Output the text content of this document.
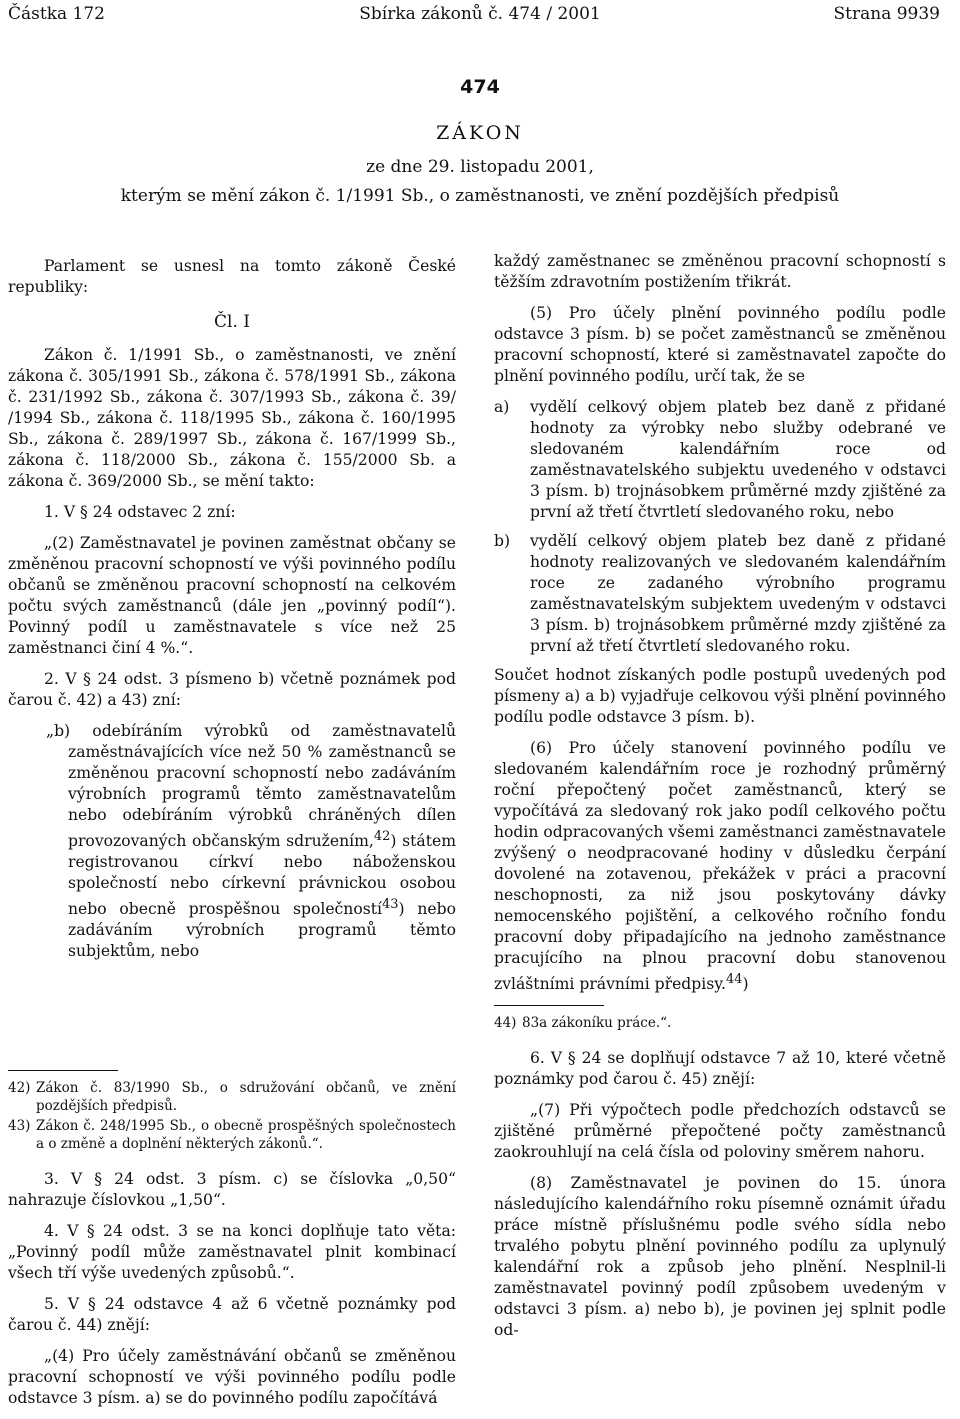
Sbírka zákonů č. 474 / 2001
Částka 172	Strana 9939
474
ZÁKON
ze dne 29. listopadu 2001,
kterým se mění zákon č. 1/1991 Sb., o zaměstnanosti, ve znění pozdějších předpisů

Parlament se usnesl na tomto zákoně České republiky:

Čl. I

Zákon č. 1/1991 Sb., o zaměstnanosti, ve znění zákona č. 305/1991 Sb., zákona č. 578/1991 Sb., zákona č. 231/1992 Sb., zákona č. 307/1993 Sb., zákona č. 39/ /1994 Sb., zákona č. 118/1995 Sb., zákona č. 160/1995 Sb., zákona č. 289/1997 Sb., zákona č. 167/1999 Sb., zákona č. 118/2000 Sb., zákona č. 155/2000 Sb. a zákona č. 369/2000 Sb., se mění takto:

1. V § 24 odstavec 2 zní:

„(2) Zaměstnavatel je povinen zaměstnat občany se změněnou pracovní schopností ve výši povinného podílu občanů se změněnou pracovní schopností na celkovém počtu svých zaměstnanců (dále jen „povinný podíl“). Povinný podíl u zaměstnavatele s více než 25 zaměstnanci činí 4 %.“.

2. V § 24 odst. 3 písmeno b) včetně poznámek pod čarou č. 42) a 43) zní:

„b) odebíráním výrobků od zaměstnavatelů zaměstnávajících více než 50 % zaměstnanců se změněnou pracovní schopností nebo zadáváním výrobních programů těmto zaměstnavatelům nebo odebíráním výrobků chráněných dílen provozovaných občanským sdružením,$^{42}$) státem registrovanou církví nebo náboženskou společností nebo církevní právnickou osobou nebo obecně prospěšnou společností$^{43}$) nebo zadáváním výrobních programů těmto subjektům, nebo

42) Zákon č. 83/1990 Sb., o sdružování občanů, ve znění pozdějších předpisů.
43) Zákon č. 248/1995 Sb., o obecně prospěšných společnostech a o změně a doplnění některých zákonů.“.

3. V § 24 odst. 3 písm. c) se číslovka „0,50“ nahrazuje číslovkou „1,50“.

4. V § 24 odst. 3 se na konci doplňuje tato věta: „Povinný podíl může zaměstnavatel plnit kombinací všech tří výše uvedených způsobů.“.

5. V § 24 odstavce 4 až 6 včetně poznámky pod čarou č. 44) znějí:

„(4) Pro účely zaměstnávání občanů se změněnou pracovní schopností ve výši povinného podílu podle odstavce 3 písm. a) se do povinného podílu započítává

každý zaměstnanec se změněnou pracovní schopností s těžším zdravotním postižením třikrát.

(5) Pro účely plnění povinného podílu podle odstavce 3 písm. b) se počet zaměstnanců se změněnou pracovní schopností, které si zaměstnavatel započte do plnění povinného podílu, určí tak, že se

a)	vydělí celkový objem plateb bez daně z přidané hodnoty za výrobky nebo služby odebrané ve sledovaném kalendářním roce od zaměstnavatelského subjektu uvedeného v odstavci 3 písm. b) trojnásobkem průměrné mzdy zjištěné za první až třetí čtvrtletí sledovaného roku, nebo
b)	vydělí celkový objem plateb bez daně z přidané hodnoty realizovaných ve sledovaném kalendářním roce ze zadaného výrobního programu zaměstnavatelským subjektem uvedeným v odstavci 3 písm. b) trojnásobkem průměrné mzdy zjištěné za první až třetí čtvrtletí sledovaného roku.

Součet hodnot získaných podle postupů uvedených pod písmeny a) a b) vyjadřuje celkovou výši plnění povinného podílu podle odstavce 3 písm. b).

(6) Pro účely stanovení povinného podílu ve sledovaném kalendářním roce je rozhodný průměrný roční přepočtený počet zaměstnanců, který se vypočítává za sledovaný rok jako podíl celkového počtu hodin odpracovaných všemi zaměstnanci zaměstnavatele zvýšený o neodpracované hodiny v důsledku čerpání dovolené na zotavenou, překážek v práci a pracovní neschopnosti, za niž jsou poskytovány dávky nemocenského pojištění, a celkového ročního fondu pracovní doby připadajícího na jednoho zaměstnance pracujícího na plnou pracovní dobu stanovenou zvláštními právními předpisy.$^{44}$)

44) 83a zákoníku práce.“.

6. V § 24 se doplňují odstavce 7 až 10, které včetně poznámky pod čarou č. 45) znějí:

„(7) Při výpočtech podle předchozích odstavců se zjištěné průměrné přepočtené počty zaměstnanců zaokrouhlují na celá čísla od poloviny směrem nahoru.

(8) Zaměstnavatel je povinen do 15. února následujícího kalendářního roku písemně oznámit úřadu práce místně příslušnému podle svého sídla nebo trvalého pobytu plnění povinného podílu za uplynulý kalendářní rok a způsob jeho plnění. Nesplnil-li zaměstnavatel povinný podíl způsobem uvedeným v odstavci 3 písm. a) nebo b), je povinen jej splnit podle od-
